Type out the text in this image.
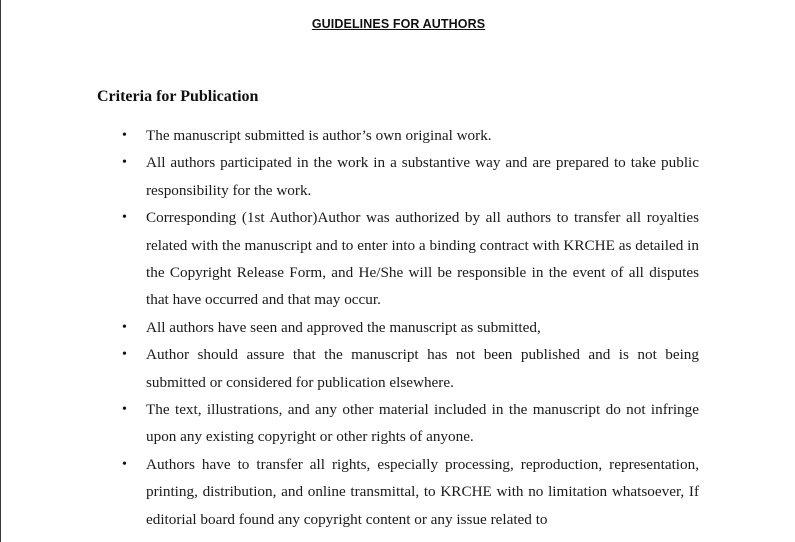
GUIDELINES FOR AUTHORS
Criteria for Publication
•	The manuscript submitted is author’s own original work.
•	All authors participated in the work in a substantive way and are prepared to take public responsibility for the work.
•	Corresponding (1st Author)Author was authorized by all authors to transfer all royalties related with the manuscript and to enter into a binding contract with KRCHE as detailed in the Copyright Release Form, and He/She will be responsible in the event of all disputes that have occurred and that may occur.
•	All authors have seen and approved the manuscript as submitted,
•	Author should assure that the manuscript has not been published and is not being submitted or considered for publication elsewhere.
•	The text, illustrations, and any other material included in the manuscript do not infringe upon any existing copyright or other rights of anyone.
•	Authors have to transfer all rights, especially processing, reproduction, representation, printing, distribution, and online transmittal, to KRCHE with no limitation whatsoever, If editorial board found any copyright content or any issue related to
